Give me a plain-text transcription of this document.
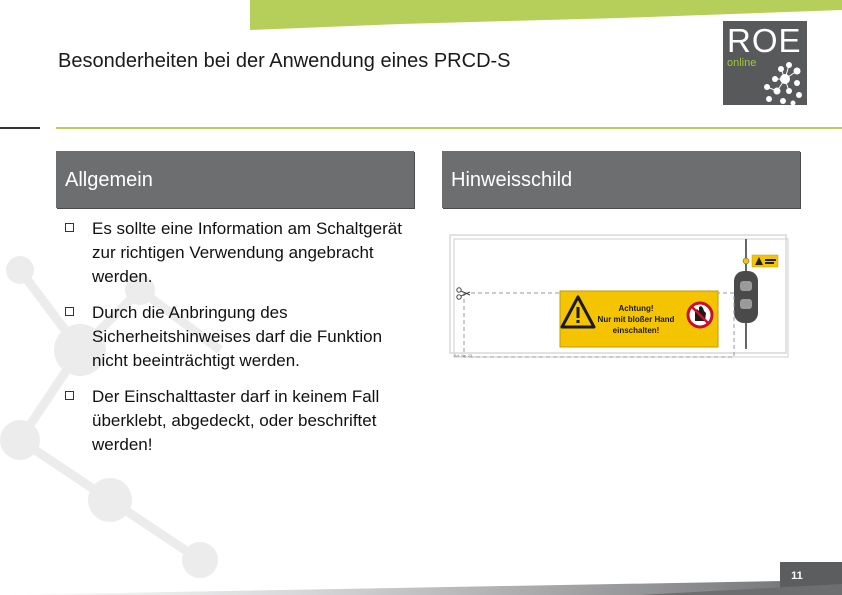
Besonderheiten bei der Anwendung eines PRCD-S
ROE
online
Allgemein	Hinweisschild
Es sollte eine Information am Schaltgerät zur richtigen Verwendung angebracht werden.
Durch die Anbringung des Sicherheitshinweises darf die Funktion nicht beeinträchtigt werden.
Der Einschalttaster darf in keinem Fall überklebt, abgedeckt, oder beschriftet werden!
Achtung!
Nur mit bloßer Hand
einschalten!
Art.-Nr. 23 ...
11
